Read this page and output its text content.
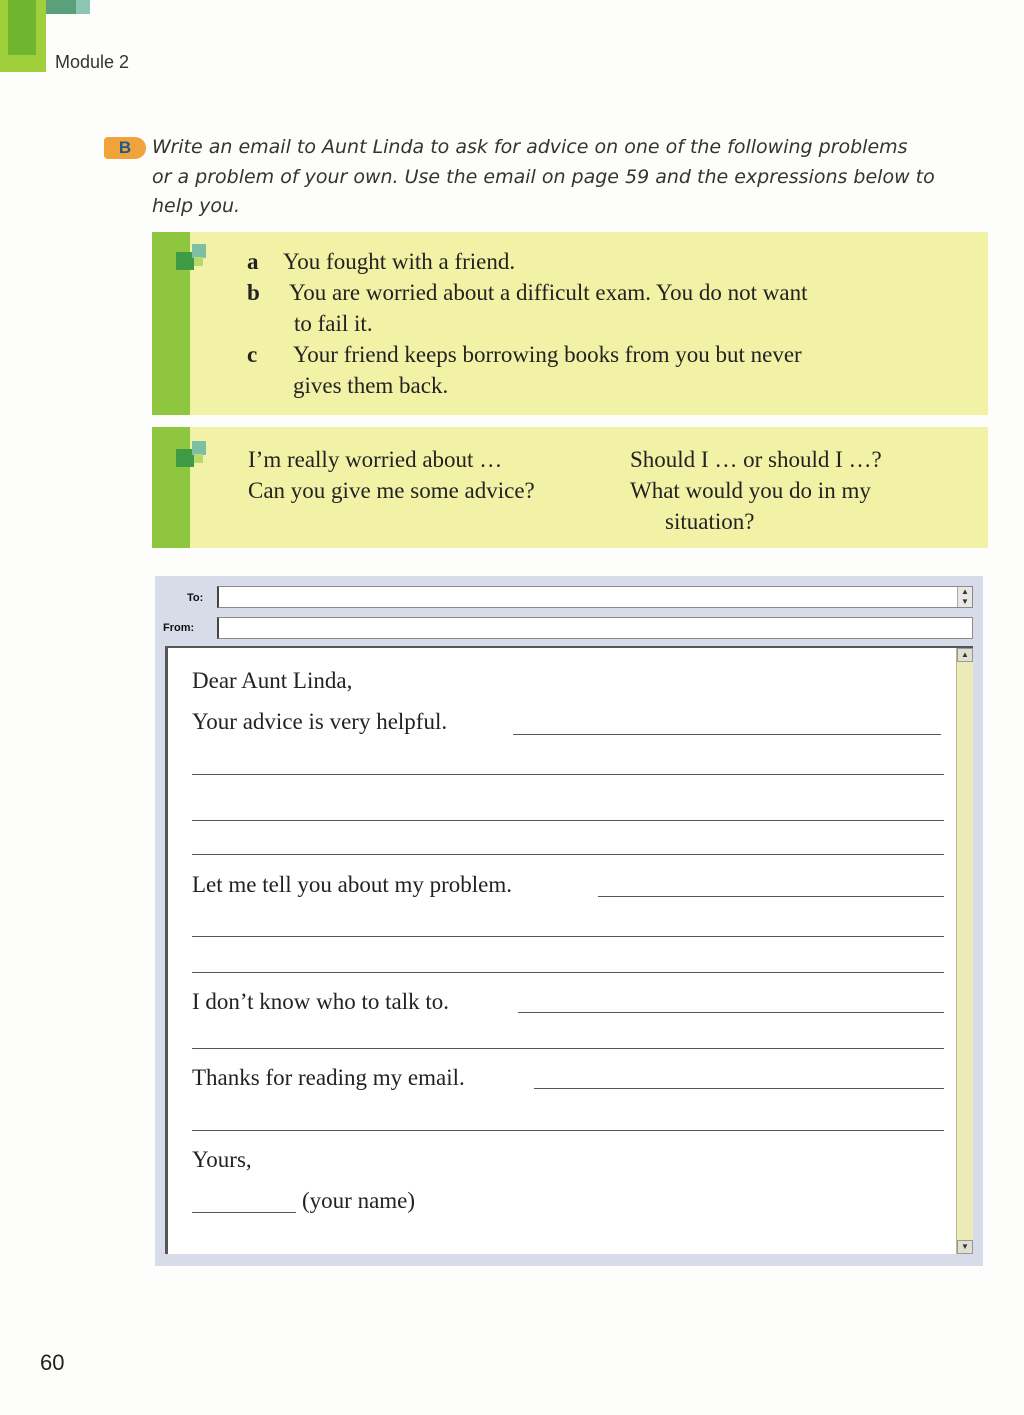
Module 2
B	Write an email to Aunt Linda to ask for advice on one of the following problems
or a problem of your own. Use the email on page 59 and the expressions below to
help you.
a You fought with a friend.
b You are worried about a difficult exam. You do not want
to fail it.
c Your friend keeps borrowing books from you but never
gives them back.
I’m really worried about …
Can you give me some advice?
Should I … or should I …?
What would you do in my
situation?
To:
▲
▼
From:
▲
▼
Dear Aunt Linda,
Your advice is very helpful.
Let me tell you about my problem.
I don’t know who to talk to.
Thanks for reading my email.
Yours,
(your name)
60
